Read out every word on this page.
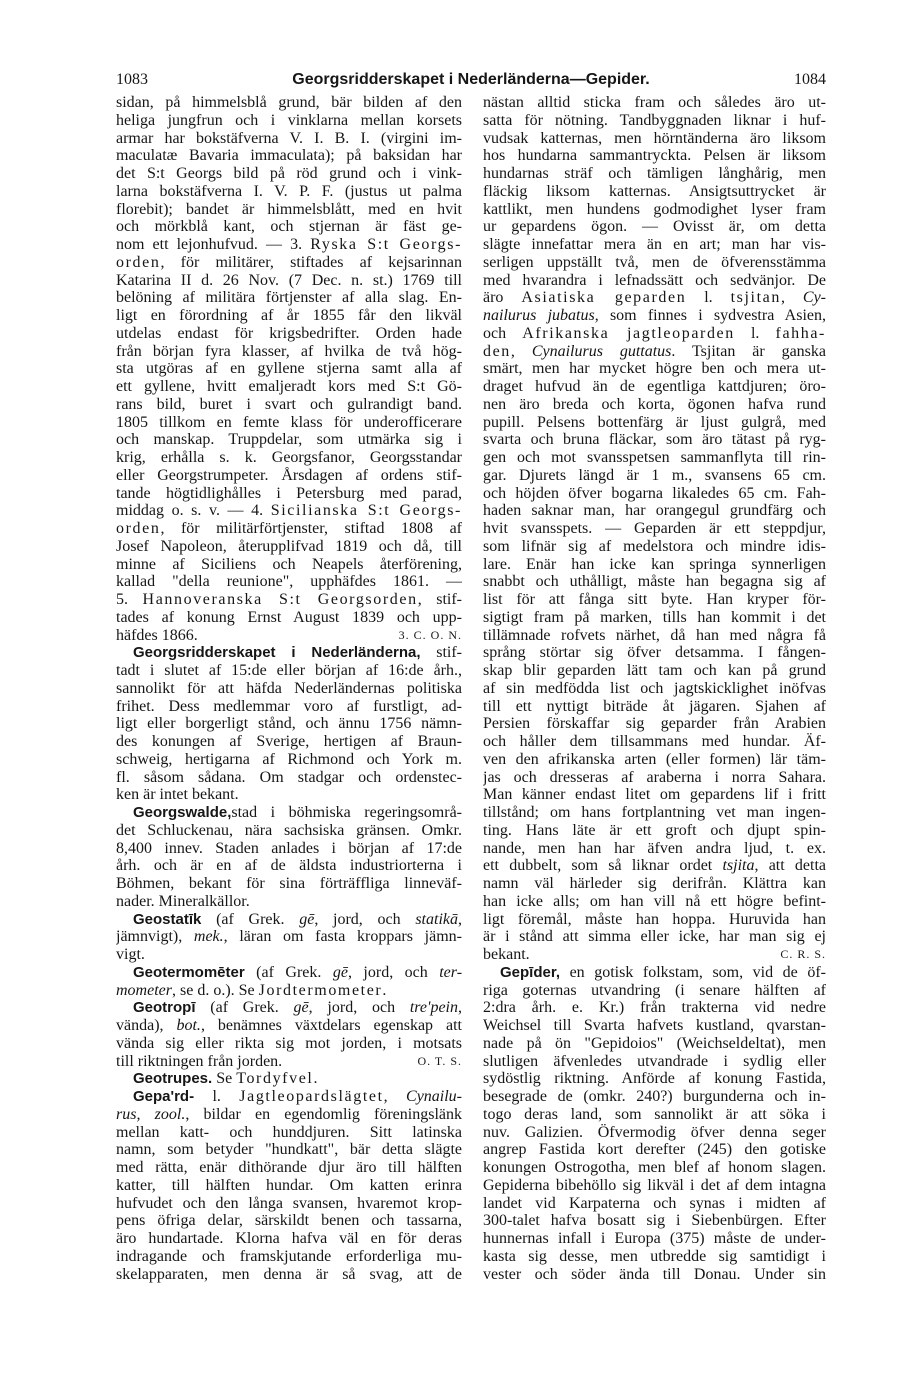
1083	Georgsridderskapet i Nederländerna—Gepider.	1084
sidan, på himmelsblå grund, bär bilden af den
heliga jungfrun och i vinklarna mellan korsets
armar har bokstäfverna V. I. B. I. (virgini im-
maculatæ Bavaria immaculata); på baksidan har
det S:t Georgs bild på röd grund och i vink-
larna bokstäfverna I. V. P. F. (justus ut palma
florebit); bandet är himmelsblått, med en hvit
och mörkblå kant, och stjernan är fäst ge-
nom ett lejonhufvud. — 3. Ryska S:t Georgs-
orden, för militärer, stiftades af kejsarinnan
Katarina II d. 26 Nov. (7 Dec. n. st.) 1769 till
belöning af militära förtjenster af alla slag. En-
ligt en förordning af år 1855 får den likväl
utdelas endast för krigsbedrifter. Orden hade
från början fyra klasser, af hvilka de två hög-
sta utgöras af en gyllene stjerna samt alla af
ett gyllene, hvitt emaljeradt kors med S:t Gö-
rans bild, buret i svart och gulrandigt band.
1805 tillkom en femte klass för underofficerare
och manskap. Truppdelar, som utmärka sig i
krig, erhålla s. k. Georgsfanor, Georgsstandar
eller Georgstrumpeter. Årsdagen af ordens stif-
tande högtidlighålles i Petersburg med parad,
middag o. s. v. — 4. Sicilianska S:t Georgs-
orden, för militärförtjenster, stiftad 1808 af
Josef Napoleon, återupplifvad 1819 och då, till
minne af Siciliens och Neapels återförening,
kallad "della reunione", upphäfdes 1861. —
5. Hannoveranska S:t Georgsorden, stif-
tades af konung Ernst August 1839 och upp-
3. C. O. N.
häfdes 1866.
Georgsridderskapet i Nederländerna, stif-
tadt i slutet af 15:de eller början af 16:de årh.,
sannolikt för att häfda Nederländernas politiska
frihet. Dess medlemmar voro af furstligt, ad-
ligt eller borgerligt stånd, och ännu 1756 nämn-
des konungen af Sverige, hertigen af Braun-
schweig, hertigarna af Richmond och York m.
fl. såsom sådana. Om stadgar och ordenstec-
ken är intet bekant.
Georgswalde,stad i böhmiska regeringsområ-
det Schluckenau, nära sachsiska gränsen. Omkr.
8,400 innev. Staden anlades i början af 17:de
årh. och är en af de äldsta industriorterna i
Böhmen, bekant för sina förträffliga linneväf-
nader. Mineralkällor.
Geostatīk (af Grek. gē, jord, och statikā,
jämnvigt), mek., läran om fasta kroppars jämn-
vigt.
Geotermomēter (af Grek. gē, jord, och ter-
mometer, se d. o.). Se Jordtermometer.
Geotropī (af Grek. gē, jord, och tre'pein,
vända), bot., benämnes växtdelars egenskap att
vända sig eller rikta sig mot jorden, i motsats
O. T. S.
till riktningen från jorden.
Geotrupes. Se Tordyfvel.
Gepa'rd- l. Jagtleopardslägtet, Cynailu-
rus, zool., bildar en egendomlig föreningslänk
mellan katt- och hunddjuren. Sitt latinska
namn, som betyder "hundkatt", bär detta slägte
med rätta, enär dithörande djur äro till hälften
katter, till hälften hundar. Om katten erinra
hufvudet och den långa svansen, hvaremot krop-
pens öfriga delar, särskildt benen och tassarna,
äro hundartade. Klorna hafva väl en för deras
indragande och framskjutande erforderliga mu-
skelapparaten, men denna är så svag, att de
nästan alltid sticka fram och således äro ut-
satta för nötning. Tandbyggnaden liknar i huf-
vudsak katternas, men hörntänderna äro liksom
hos hundarna sammantryckta. Pelsen är liksom
hundarnas sträf och tämligen långhårig, men
fläckig liksom katternas. Ansigtsuttrycket är
kattlikt, men hundens godmodighet lyser fram
ur gepardens ögon. — Ovisst är, om detta
slägte innefattar mera än en art; man har vis-
serligen uppställt två, men de öfverensstämma
med hvarandra i lefnadssätt och sedvänjor. De
äro Asiatiska geparden l. tsjitan, Cy-
nailurus jubatus, som finnes i sydvestra Asien,
och Afrikanska jagtleoparden l. fahha-
den, Cynailurus guttatus. Tsjitan är ganska
smärt, men har mycket högre ben och mera ut-
draget hufvud än de egentliga kattdjuren; öro-
nen äro breda och korta, ögonen hafva rund
pupill. Pelsens bottenfärg är ljust gulgrå, med
svarta och bruna fläckar, som äro tätast på ryg-
gen och mot svansspetsen sammanflyta till rin-
gar. Djurets längd är 1 m., svansens 65 cm.
och höjden öfver bogarna likaledes 65 cm. Fah-
haden saknar man, har orangegul grundfärg och
hvit svansspets. — Geparden är ett steppdjur,
som lifnär sig af medelstora och mindre idis-
lare. Enär han icke kan springa synnerligen
snabbt och uthålligt, måste han begagna sig af
list för att fånga sitt byte. Han kryper för-
sigtigt fram på marken, tills han kommit i det
tillämnade rofvets närhet, då han med några få
språng störtar sig öfver detsamma. I fången-
skap blir geparden lätt tam och kan på grund
af sin medfödda list och jagtskicklighet inöfvas
till ett nyttigt biträde åt jägaren. Sjahen af
Persien förskaffar sig geparder från Arabien
och håller dem tillsammans med hundar. Äf-
ven den afrikanska arten (eller formen) lär täm-
jas och dresseras af araberna i norra Sahara.
Man känner endast litet om gepardens lif i fritt
tillstånd; om hans fortplantning vet man ingen-
ting. Hans läte är ett groft och djupt spin-
nande, men han har äfven andra ljud, t. ex.
ett dubbelt, som så liknar ordet tsjita, att detta
namn väl härleder sig derifrån. Klättra kan
han icke alls; om han vill nå ett högre befint-
ligt föremål, måste han hoppa. Huruvida han
är i stånd att simma eller icke, har man sig ej
C. R. S.
bekant.
Gepīder, en gotisk folkstam, som, vid de öf-
riga goternas utvandring (i senare hälften af
2:dra årh. e. Kr.) från trakterna vid nedre
Weichsel till Svarta hafvets kustland, qvarstan-
nade på ön "Gepidoios" (Weichseldeltat), men
slutligen äfvenledes utvandrade i sydlig eller
sydöstlig riktning. Anförde af konung Fastida,
besegrade de (omkr. 240?) burgunderna och in-
togo deras land, som sannolikt är att söka i
nuv. Galizien. Öfvermodig öfver denna seger
angrep Fastida kort derefter (245) den gotiske
konungen Ostrogotha, men blef af honom slagen.
Gepiderna bibehöllo sig likväl i det af dem intagna
landet vid Karpaterna och synas i midten af
300-talet hafva bosatt sig i Siebenbürgen. Efter
hunnernas infall i Europa (375) måste de under-
kasta sig desse, men utbredde sig samtidigt i
vester och söder ända till Donau. Under sin
